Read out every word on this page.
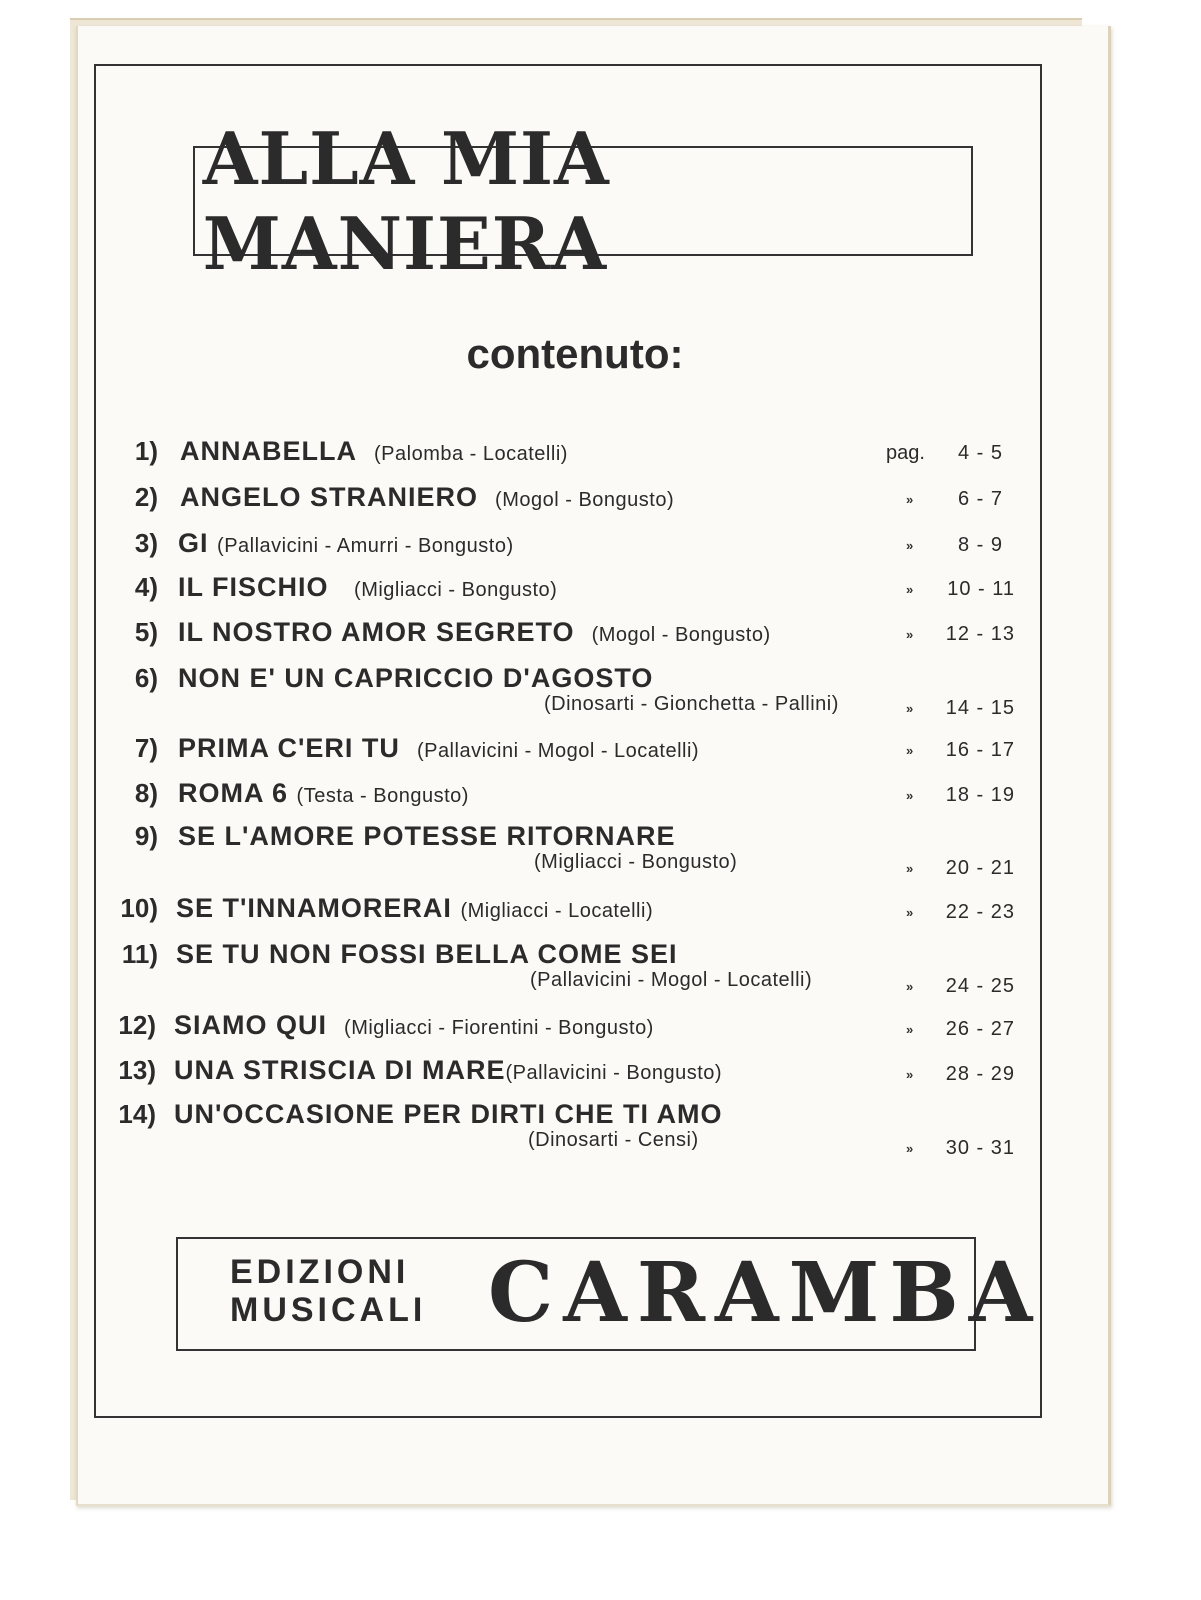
ALLA MIA MANIERA
contenuto:
1) ANNABELLA (Palomba - Locatelli)	pag. 4 - 5
2) ANGELO STRANIERO (Mogol - Bongusto)	» 6 - 7
3) GI (Pallavicini - Amurri - Bongusto)	» 8 - 9
4) IL FISCHIO (Migliacci - Bongusto)	» 10 - 11
5) IL NOSTRO AMOR SEGRETO (Mogol - Bongusto)	» 12 - 13
6) NON E' UN CAPRICCIO D'AGOSTO
(Dinosarti - Gionchetta - Pallini)	» 14 - 15
7) PRIMA C'ERI TU (Pallavicini - Mogol - Locatelli)	» 16 - 17
8) ROMA 6 (Testa - Bongusto)	» 18 - 19
9) SE L'AMORE POTESSE RITORNARE
(Migliacci - Bongusto)	» 20 - 21
10) SE T'INNAMORERAI (Migliacci - Locatelli)	» 22 - 23
11) SE TU NON FOSSI BELLA COME SEI
(Pallavicini - Mogol - Locatelli)	» 24 - 25
12) SIAMO QUI (Migliacci - Fiorentini - Bongusto)	» 26 - 27
13) UNA STRISCIA DI MARE(Pallavicini - Bongusto)	» 28 - 29
14) UN'OCCASIONE PER DIRTI CHE TI AMO
(Dinosarti - Censi)	» 30 - 31
EDIZIONI
MUSICALI CARAMBA
